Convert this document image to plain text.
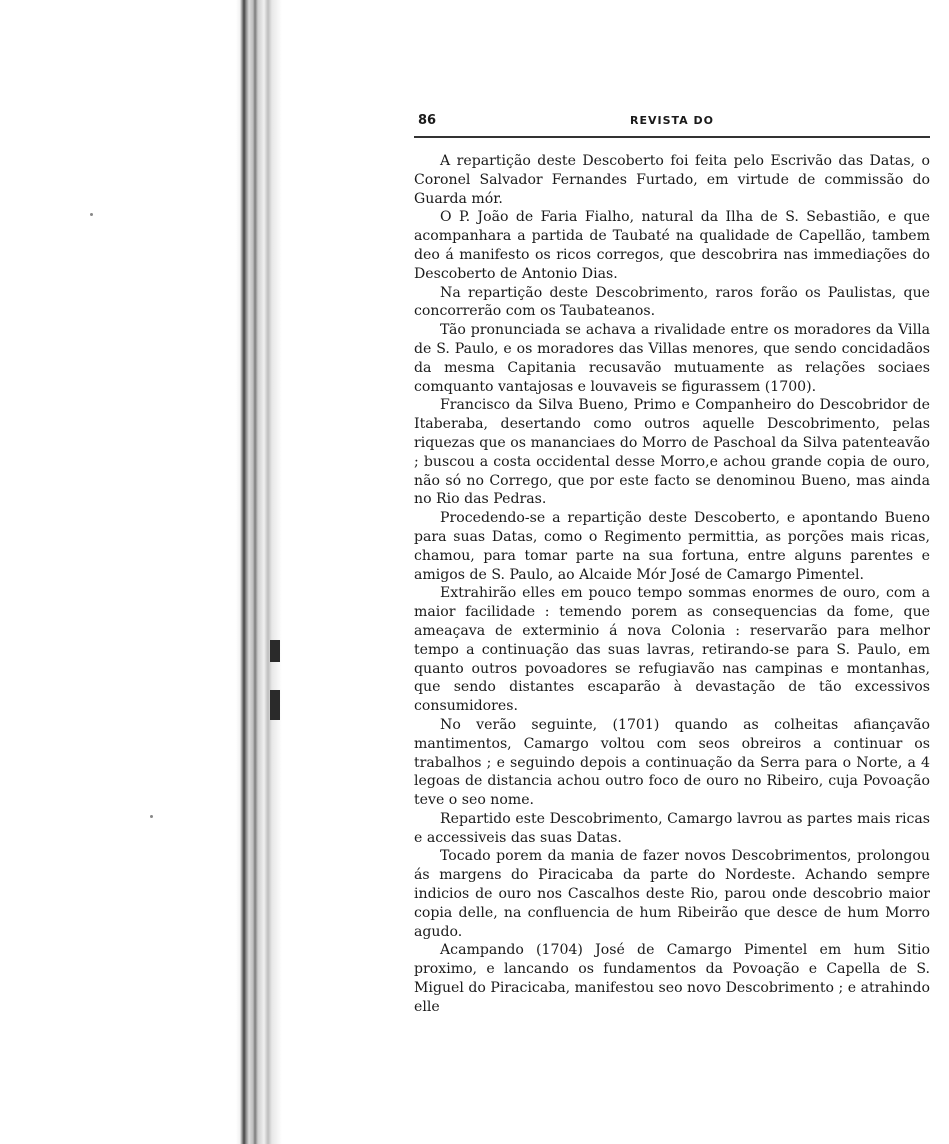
86	REVISTA DO

A repartição deste Descoberto foi feita pelo Escrivão das Datas, o Coronel Salvador Fernandes Furtado, em virtude de commissão do Guarda mór.

O P. João de Faria Fialho, natural da Ilha de S. Sebastião, e que acompanhara a partida de Taubaté na qualidade de Capellão, tambem deo á manifesto os ricos corregos, que descobrira nas immediações do Descoberto de Antonio Dias.

Na repartição deste Descobrimento, raros forão os Paulistas, que concorrerão com os Taubateanos.

Tão pronunciada se achava a rivalidade entre os moradores da Villa de S. Paulo, e os moradores das Villas menores, que sendo concidadãos da mesma Capitania recusavão mutuamente as relações sociaes comquanto vantajosas e louvaveis se figurassem (1700).

Francisco da Silva Bueno, Primo e Companheiro do Descobridor de Itaberaba, desertando como outros aquelle Descobrimento, pelas riquezas que os mananciaes do Morro de Paschoal da Silva patenteavão ; buscou a costa occidental desse Morro,e achou grande copia de ouro, não só no Corrego, que por este facto se denominou Bueno, mas ainda no Rio das Pedras.

Procedendo-se a repartição deste Descoberto, e apontando Bueno para suas Datas, como o Regimento permittia, as porções mais ricas, chamou, para tomar parte na sua fortuna, entre alguns parentes e amigos de S. Paulo, ao Alcaide Mór José de Camargo Pimentel.

Extrahirão elles em pouco tempo sommas enormes de ouro, com a maior facilidade : temendo porem as consequencias da fome, que ameaçava de exterminio á nova Colonia : reservarão para melhor tempo a continuação das suas lavras, retirando-se para S. Paulo, em quanto outros povoadores se refugiavão nas campinas e montanhas, que sendo distantes escaparão à devastação de tão excessivos consumidores.

No verão seguinte, (1701) quando as colheitas afiançavão mantimentos, Camargo voltou com seos obreiros a continuar os trabalhos ; e seguindo depois a continuação da Serra para o Norte, a 4 legoas de distancia achou outro foco de ouro no Ribeiro, cuja Povoação teve o seo nome.

Repartido este Descobrimento, Camargo lavrou as partes mais ricas e accessiveis das suas Datas.

Tocado porem da mania de fazer novos Descobrimentos, prolongou ás margens do Piracicaba da parte do Nordeste. Achando sempre indicios de ouro nos Cascalhos deste Rio, parou onde descobrio maior copia delle, na confluencia de hum Ribeirão que desce de hum Morro agudo.

Acampando (1704) José de Camargo Pimentel em hum Sitio proximo, e lancando os fundamentos da Povoação e Capella de S. Miguel do Piracicaba, manifestou seo novo Descobrimento ; e atrahindo elle
